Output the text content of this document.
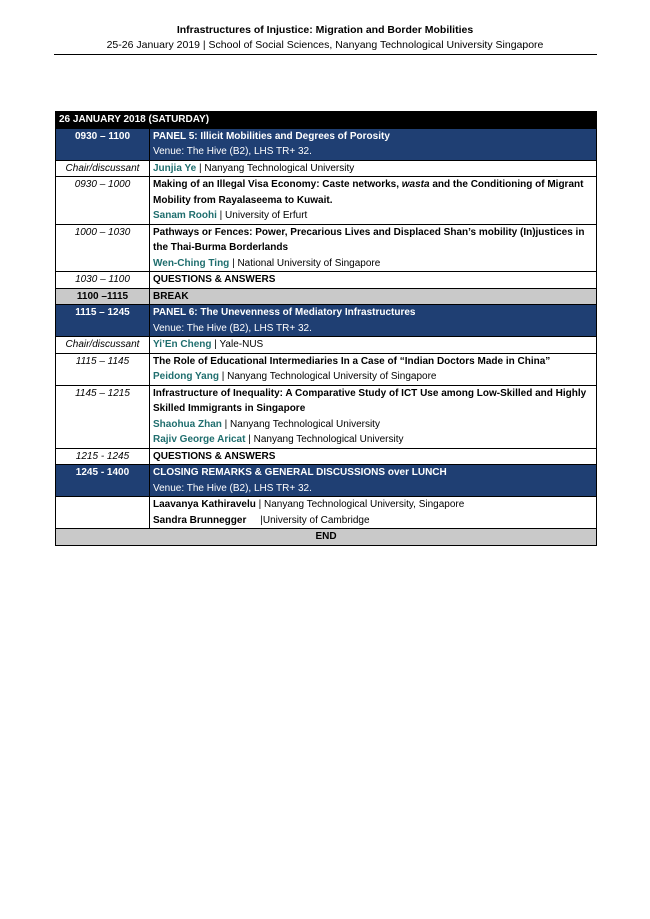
Infrastructures of Injustice: Migration and Border Mobilities
25-26 January 2019 | School of Social Sciences, Nanyang Technological University Singapore
26 JANUARY 2018 (SATURDAY)	
0930 – 1100	PANEL 5: Illicit Mobilities and Degrees of Porosity
Venue: The Hive (B2), LHS TR+ 32.

Chair/discussant	Junjia Ye | Nanyang Technological University
0930 – 1000	Making of an Illegal Visa Economy: Caste networks, wasta and the Conditioning of Migrant Mobility from Rayalaseema to Kuwait.
Sanam Roohi | University of Erfurt

1000 – 1030	Pathways or Fences: Power, Precarious Lives and Displaced Shan’s mobility (In)justices in the Thai-Burma Borderlands
Wen-Ching Ting | National University of Singapore

1030 – 1100	QUESTIONS & ANSWERS
1100 –1115	BREAK
1115 – 1245	PANEL 6: The Unevenness of Mediatory Infrastructures
Venue: The Hive (B2), LHS TR+ 32.

Chair/discussant	Yi’En Cheng | Yale-NUS
1115 – 1145	The Role of Educational Intermediaries In a Case of “Indian Doctors Made in China”
Peidong Yang | Nanyang Technological University of Singapore

1145 – 1215	Infrastructure of Inequality: A Comparative Study of ICT Use among Low-Skilled and Highly Skilled Immigrants in Singapore
Shaohua Zhan | Nanyang Technological University
Rajiv George Aricat | Nanyang Technological University

1215 - 1245	QUESTIONS & ANSWERS
1245 - 1400	CLOSING REMARKS & GENERAL DISCUSSIONS over LUNCH
Venue: The Hive (B2), LHS TR+ 32.

	Laavanya Kathiravelu | Nanyang Technological University, Singapore
Sandra Brunnegger     |University of Cambridge

END	
